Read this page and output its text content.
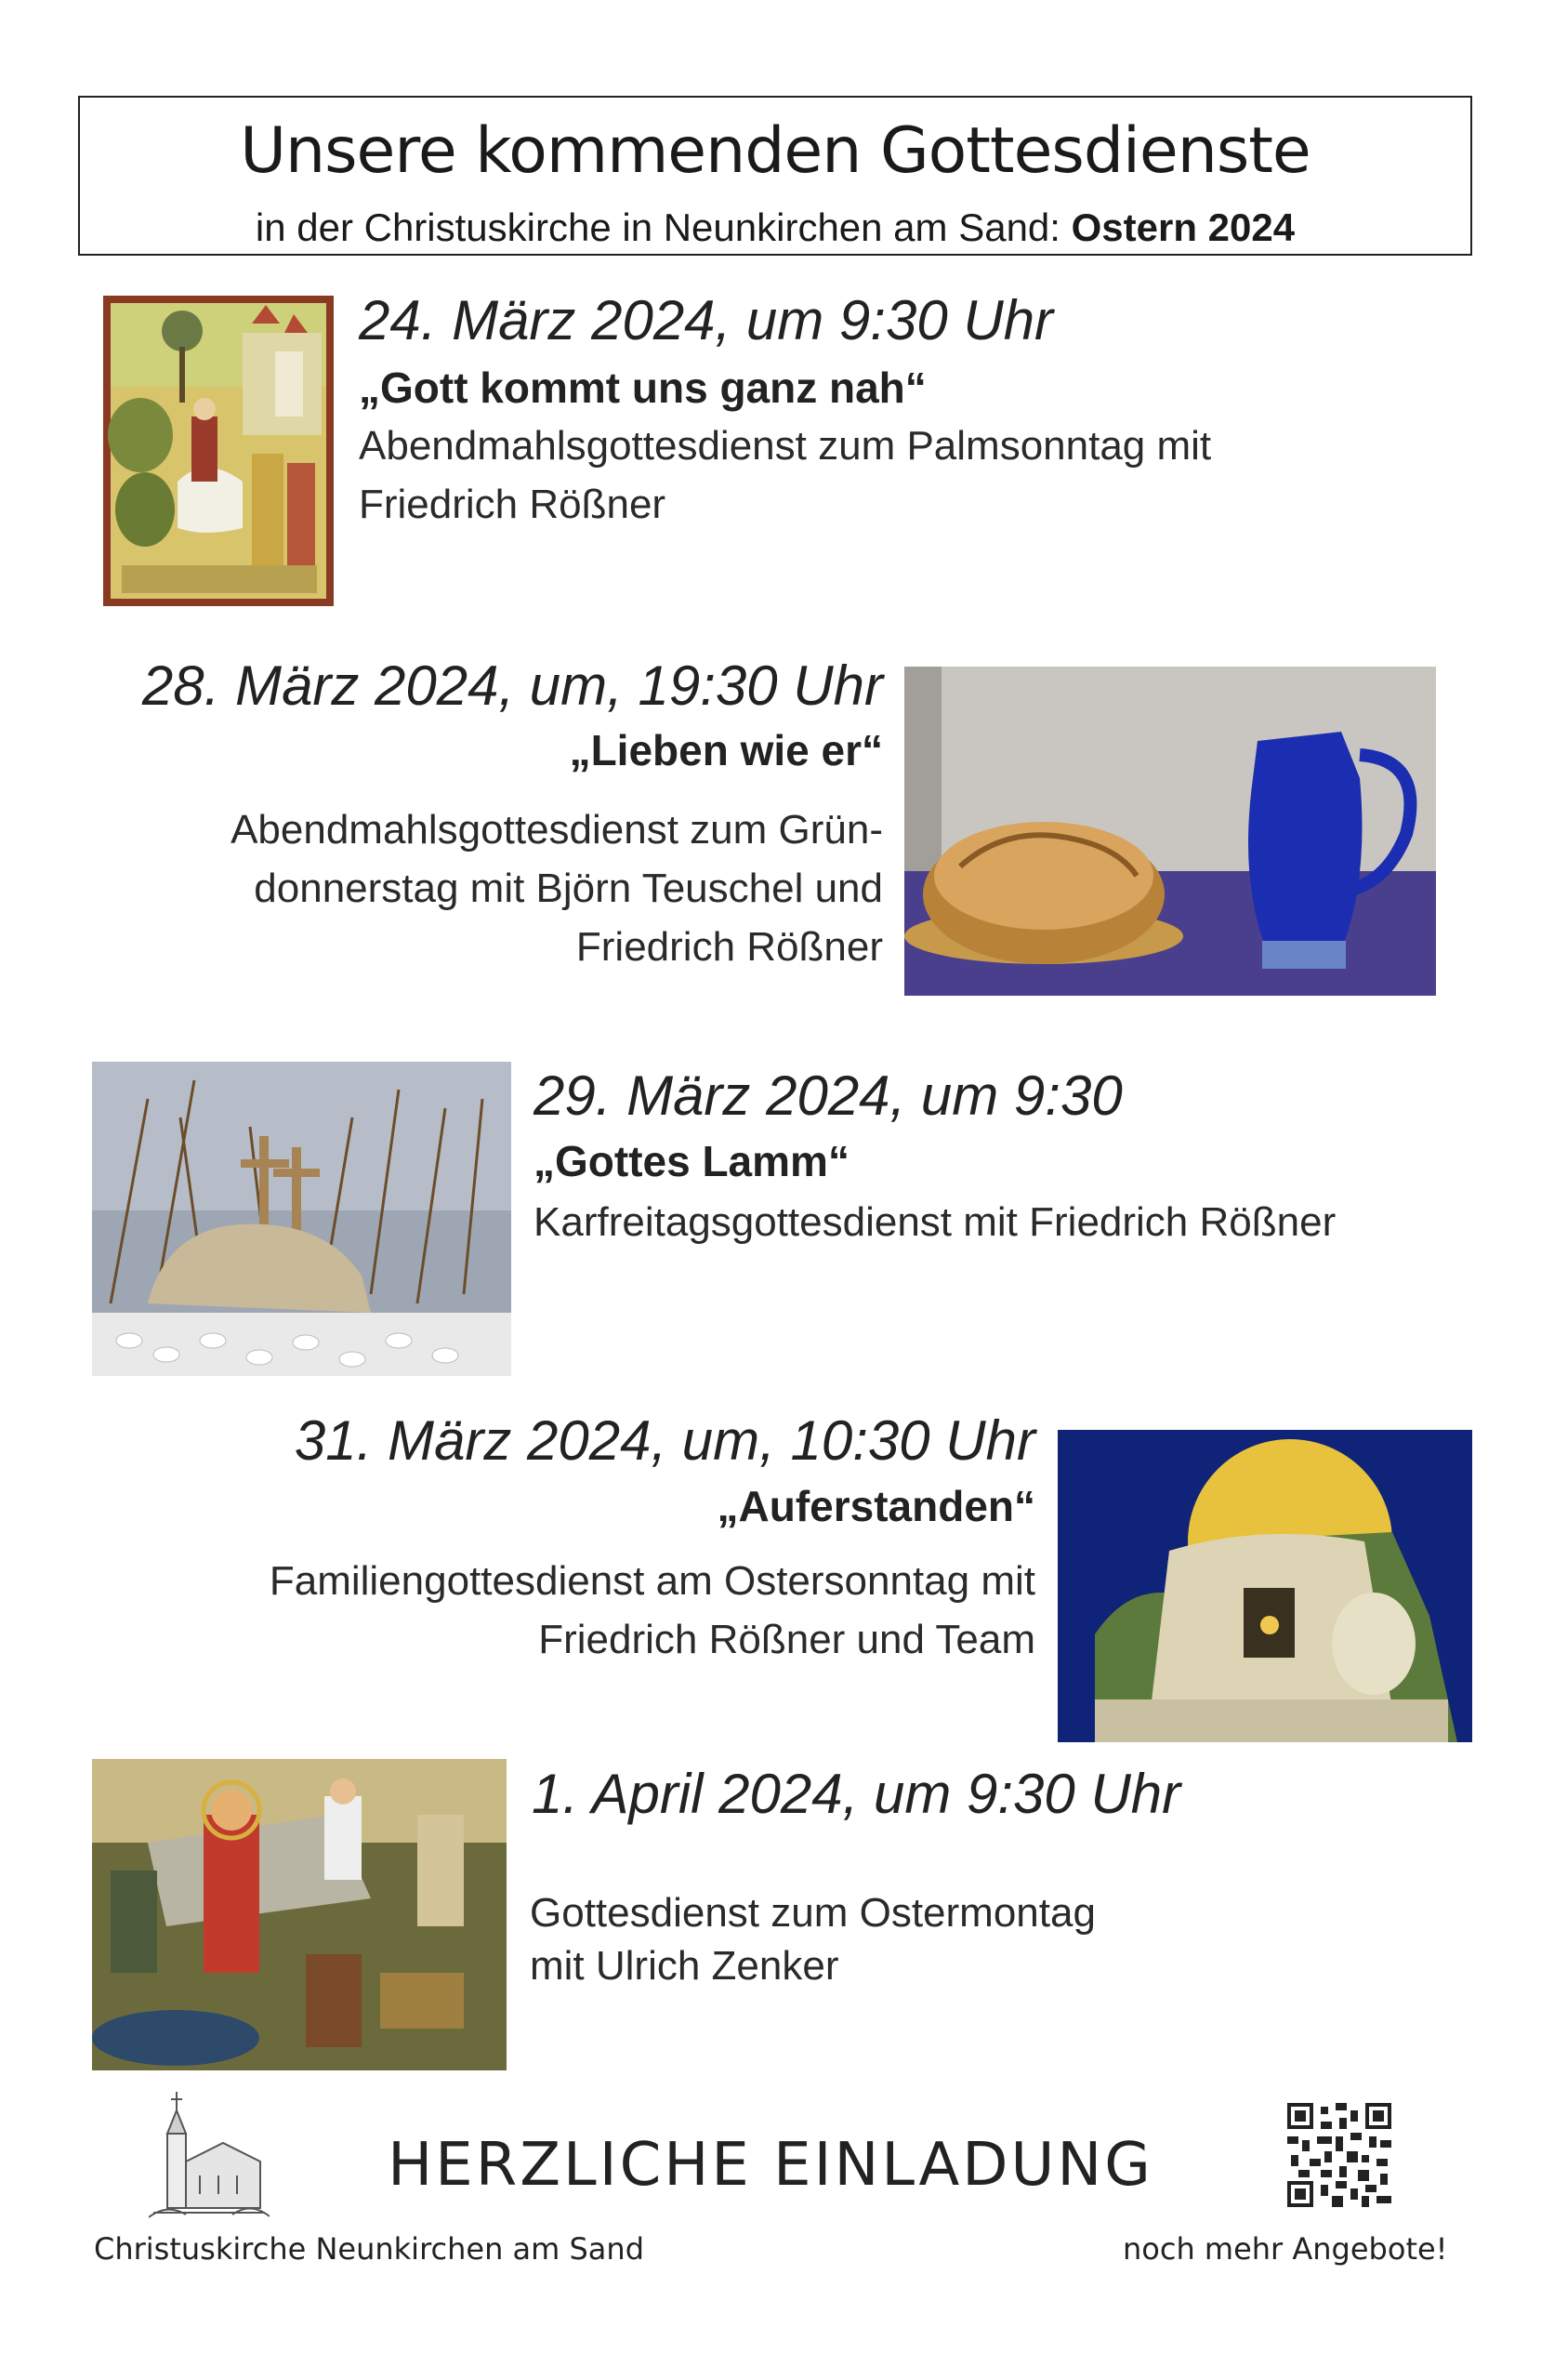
Unsere kommenden Gottesdienste
in der Christuskirche in Neunkirchen am Sand: Ostern 2024
24. März 2024, um 9:30 Uhr
„Gott kommt uns ganz nah“
Abendmahlsgottesdienst zum Palmsonntag mit
Friedrich Rößner
28. März 2024, um, 19:30 Uhr
„Lieben wie er“
Abendmahlsgottesdienst zum Grün-
donnerstag mit Björn Teuschel und
Friedrich Rößner
29. März 2024, um 9:30
„Gottes Lamm“
Karfreitagsgottesdienst mit Friedrich Rößner
31. März 2024, um, 10:30 Uhr
„Auferstanden“
Familiengottesdienst am Ostersonntag mit
Friedrich Rößner und Team
1. April 2024, um 9:30 Uhr
Gottesdienst zum Ostermontag
mit Ulrich Zenker
HERZLICHE EINLADUNG
Christuskirche Neunkirchen am Sand	noch mehr Angebote!
